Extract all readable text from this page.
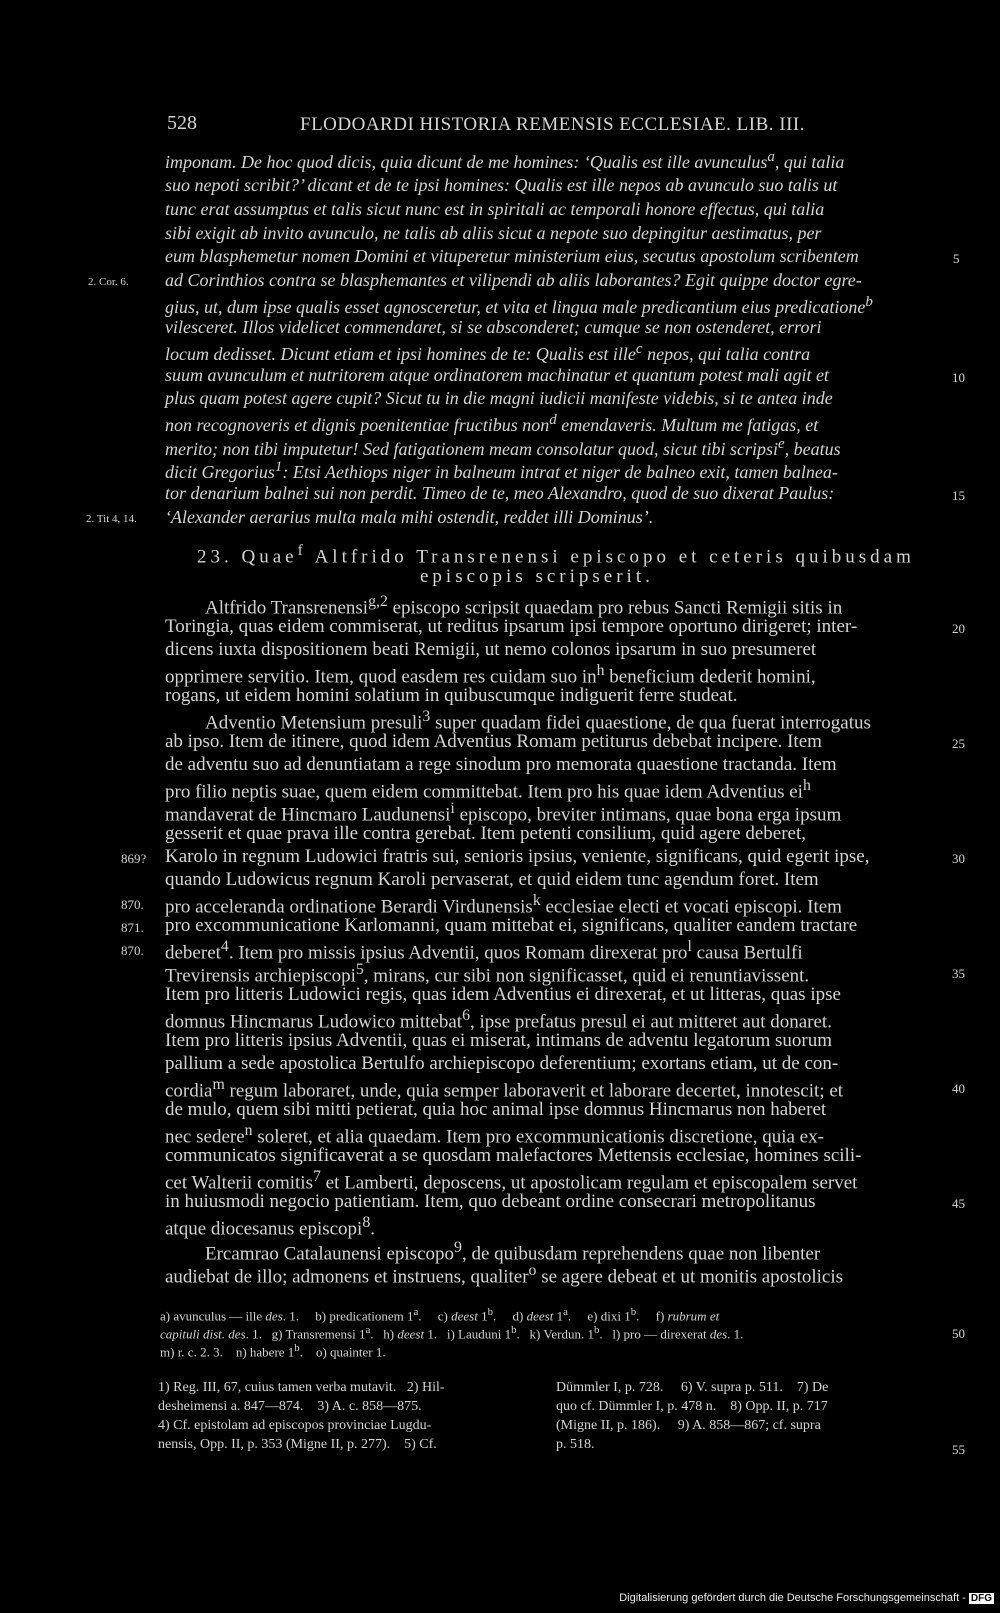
528	FLODOARDI HISTORIA REMENSIS ECCLESIAE. LIB. III.
imponam. De hoc quod dicis, quia dicunt de me homines: ‘Qualis est ille avunculus$^a$, qui talia
suo nepoti scribit?’ dicant et de te ipsi homines: Qualis est ille nepos ab avunculo suo talis ut
tunc erat assumptus et talis sicut nunc est in spiritali ac temporali honore effectus, qui talia
sibi exigit ab invito avunculo, ne talis ab aliis sicut a nepote suo depingitur aestimatus, per
eum blasphemetur nomen Domini et vituperetur ministerium eius, secutus apostolum scribentem
ad Corinthios contra se blasphemantes et vilipendi ab aliis laborantes? Egit quippe doctor egre-
gius, ut, dum ipse qualis esset agnosceretur, et vita et lingua male predicantium eius predicatione$^b$
vilesceret. Illos videlicet commendaret, si se absconderet; cumque se non ostenderet, errori
locum dedisset. Dicunt etiam et ipsi homines de te: Qualis est ille$^c$ nepos, qui talia contra
suum avunculum et nutritorem atque ordinatorem machinatur et quantum potest mali agit et
plus quam potest agere cupit? Sicut tu in die magni iudicii manifeste videbis, si te antea inde
non recognoveris et dignis poenitentiae fructibus non$^d$ emendaveris. Multum me fatigas, et
merito; non tibi imputetur! Sed fatigationem meam consolatur quod, sicut tibi scripsi$^e$, beatus
dicit Gregorius$^1$: Etsi Aethiops niger in balneum intrat et niger de balneo exit, tamen balnea-
tor denarium balnei sui non perdit. Timeo de te, meo Alexandro, quod de suo dixerat Paulus:
‘Alexander aerarius multa mala mihi ostendit, reddet illi Dominus’.
23. Quae$^f$ Altfrido Transrenensi episcopo et ceteris quibusdam
episcopis scripserit.
Altfrido Transrenensi$^{g,2}$ episcopo scripsit quaedam pro rebus Sancti Remigii sitis in
Toringia, quas eidem commiserat, ut reditus ipsarum ipsi tempore oportuno dirigeret; inter-
dicens iuxta dispositionem beati Remigii, ut nemo colonos ipsarum in suo presumeret
opprimere servitio. Item, quod easdem res cuidam suo $in^h$ beneficium dederit homini,
rogans, ut eidem homini solatium in quibuscumque indiguerit ferre studeat.
Adventio Metensium presuli$^3$ super quadam fidei quaestione, de qua fuerat interrogatus
ab ipso. Item de itinere, quod idem Adventius Romam petiturus debebat incipere. Item
de adventu suo ad denuntiatam a rege sinodum pro memorata quaestione tractanda. Item
pro filio neptis suae, quem eidem committebat. Item pro his quae idem Adventius $ei^h$
mandaverat de Hincmaro Laudunensi$^i$ episcopo, breviter intimans, quae bona erga ipsum
gesserit et quae prava ille contra gerebat. Item petenti consilium, quid agere deberet,
Karolo in regnum Ludowici fratris sui, senioris ipsius, veniente, significans, quid egerit ipse,
quando Ludowicus regnum Karoli pervaserat, et quid eidem tunc agendum foret. Item
pro acceleranda ordinatione Berardi Virdunensis$^k$ ecclesiae electi et vocati episcopi. Item
pro excommunicatione Karlomanni, quam mittebat ei, significans, qualiter eandem tractare
deberet$^4$. Item pro missis ipsius Adventii, quos Romam direxerat pro$^l$ causa Bertulfi
Trevirensis archiepiscopi$^5$, mirans, cur sibi non significasset, quid ei renuntiavissent.
Item pro litteris Ludowici regis, quas idem Adventius ei direxerat, et ut litteras, quas ipse
domnus Hincmarus Ludowico mittebat$^6$, ipse prefatus presul ei aut mitteret aut donaret.
Item pro litteris ipsius Adventii, quas ei miserat, intimans de adventu legatorum suorum
pallium a sede apostolica Bertulfo archiepiscopo deferentium; exortans etiam, ut de con-
cordia$^m$ regum laboraret, unde, quia semper laboraverit et laborare decertet, innotescit; et
de mulo, quem sibi mitti petierat, quia hoc animal ipse domnus Hincmarus non haberet
nec sedere$^n$ soleret, et alia quaedam. Item pro excommunicationis discretione, quia ex-
communicatos significaverat a se quosdam malefactores Mettensis ecclesiae, homines scili-
cet Walterii comitis$^7$ et Lamberti, deposcens, ut apostolicam regulam et episcopalem servet
in huiusmodi negocio patientiam. Item, quo debeant ordine consecrari metropolitanus
atque diocesanus episcopi$^8$.
Ercamrao Catalaunensi episcopo$^9$, de quibusdam reprehendens quae non libenter
audiebat de illo; admonens et instruens, qualiter$^o$ se agere debeat et ut monitis apostolicis
5
10
15
20
25
30
35
40
45
50
55
2. Cor. 6.
2. Tit 4, 14.
869?
870.
871.
870.
a) avunculus — ille des. 1.     b) predicationem 1$^a$.     c) deest 1$^b$.     d) deest 1$^a$.     e) dixi 1$^b$.     f) rubrum et
capituli dist. des. 1.   g) Transremensi 1$^a$.   h) deest 1.   i) Lauduni 1$^b$.   k) Verdun. 1$^b$.   l) pro — direxerat des. 1.
m) r. c. 2. 3.    n) habere 1$^b$.    o) quainter 1.
1) Reg. III, 67, cuius tamen verba mutavit.   2) Hil-
desheimensi a. 847—874.    3) A. c. 858—875.
4) Cf. epistolam ad episcopos provinciae Lugdu-
nensis, Opp. II, p. 353 (Migne II, p. 277).    5) Cf.
Dümmler I, p. 728.     6) V. supra p. 511.    7) De
quo cf. Dümmler I, p. 478 n.    8) Opp. II, p. 717
(Migne II, p. 186).     9) A. 858—867; cf. supra
p. 518.
Digitalisierung gefördert durch die Deutsche Forschungsgemeinschaft - DFG
